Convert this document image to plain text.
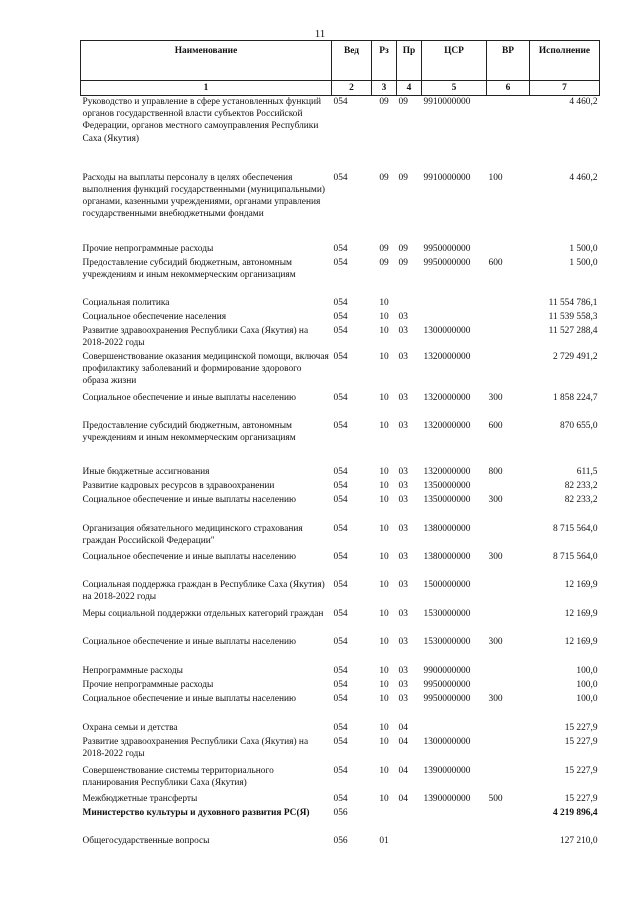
11
Наименование	Вед	Рз	Пр	ЦСР	ВР	Исполнение
1	2	3	4	5	6	7
Руководство и управление в сфере установленных функций органов государственной власти субъектов Российской Федерации, органов местного самоуправления Республики Саха (Якутия)	054	09	09	9910000000		4 460,2
Расходы на выплаты персоналу в целях обеспечения выполнения функций государственными (муниципальными) органами, казенными учреждениями, органами управления государственными внебюджетными фондами	054	09	09	9910000000	100	4 460,2
Прочие непрограммные расходы	054	09	09	9950000000		1 500,0
Предоставление субсидий бюджетным, автономным учреждениям и иным некоммерческим организациям	054	09	09	9950000000	600	1 500,0
Социальная политика	054	10				11 554 786,1
Социальное обеспечение населения	054	10	03			11 539 558,3
Развитие здравоохранения Республики Саха (Якутия) на 2018-2022 годы	054	10	03	1300000000		11 527 288,4
Совершенствование оказания медицинской помощи, включая профилактику заболеваний и формирование здорового образа жизни	054	10	03	1320000000		2 729 491,2
Социальное обеспечение и иные выплаты населению	054	10	03	1320000000	300	1 858 224,7
Предоставление субсидий бюджетным, автономным учреждениям и иным некоммерческим организациям	054	10	03	1320000000	600	870 655,0
Иные бюджетные ассигнования	054	10	03	1320000000	800	611,5
Развитие кадровых ресурсов в здравоохранении	054	10	03	1350000000		82 233,2
Социальное обеспечение и иные выплаты населению	054	10	03	1350000000	300	82 233,2
Организация обязательного медицинского страхования граждан Российской Федерации"	054	10	03	1380000000		8 715 564,0
Социальное обеспечение и иные выплаты населению	054	10	03	1380000000	300	8 715 564,0
Социальная поддержка граждан в Республике Саха (Якутия) на 2018-2022 годы	054	10	03	1500000000		12 169,9
Меры социальной поддержки отдельных категорий граждан	054	10	03	1530000000		12 169,9
Социальное обеспечение и иные выплаты населению	054	10	03	1530000000	300	12 169,9
Непрограммные расходы	054	10	03	9900000000		100,0
Прочие непрограммные расходы	054	10	03	9950000000		100,0
Социальное обеспечение и иные выплаты населению	054	10	03	9950000000	300	100,0
Охрана семьи и детства	054	10	04			15 227,9
Развитие здравоохранения Республики Саха (Якутия) на 2018-2022 годы	054	10	04	1300000000		15 227,9
Совершенствование системы территориального планирования Республики Саха (Якутия)	054	10	04	1390000000		15 227,9
Межбюджетные трансферты	054	10	04	1390000000	500	15 227,9
Министерство культуры и духовного развития РС(Я)	056					4 219 896,4
Общегосударственные вопросы	056	01				127 210,0
